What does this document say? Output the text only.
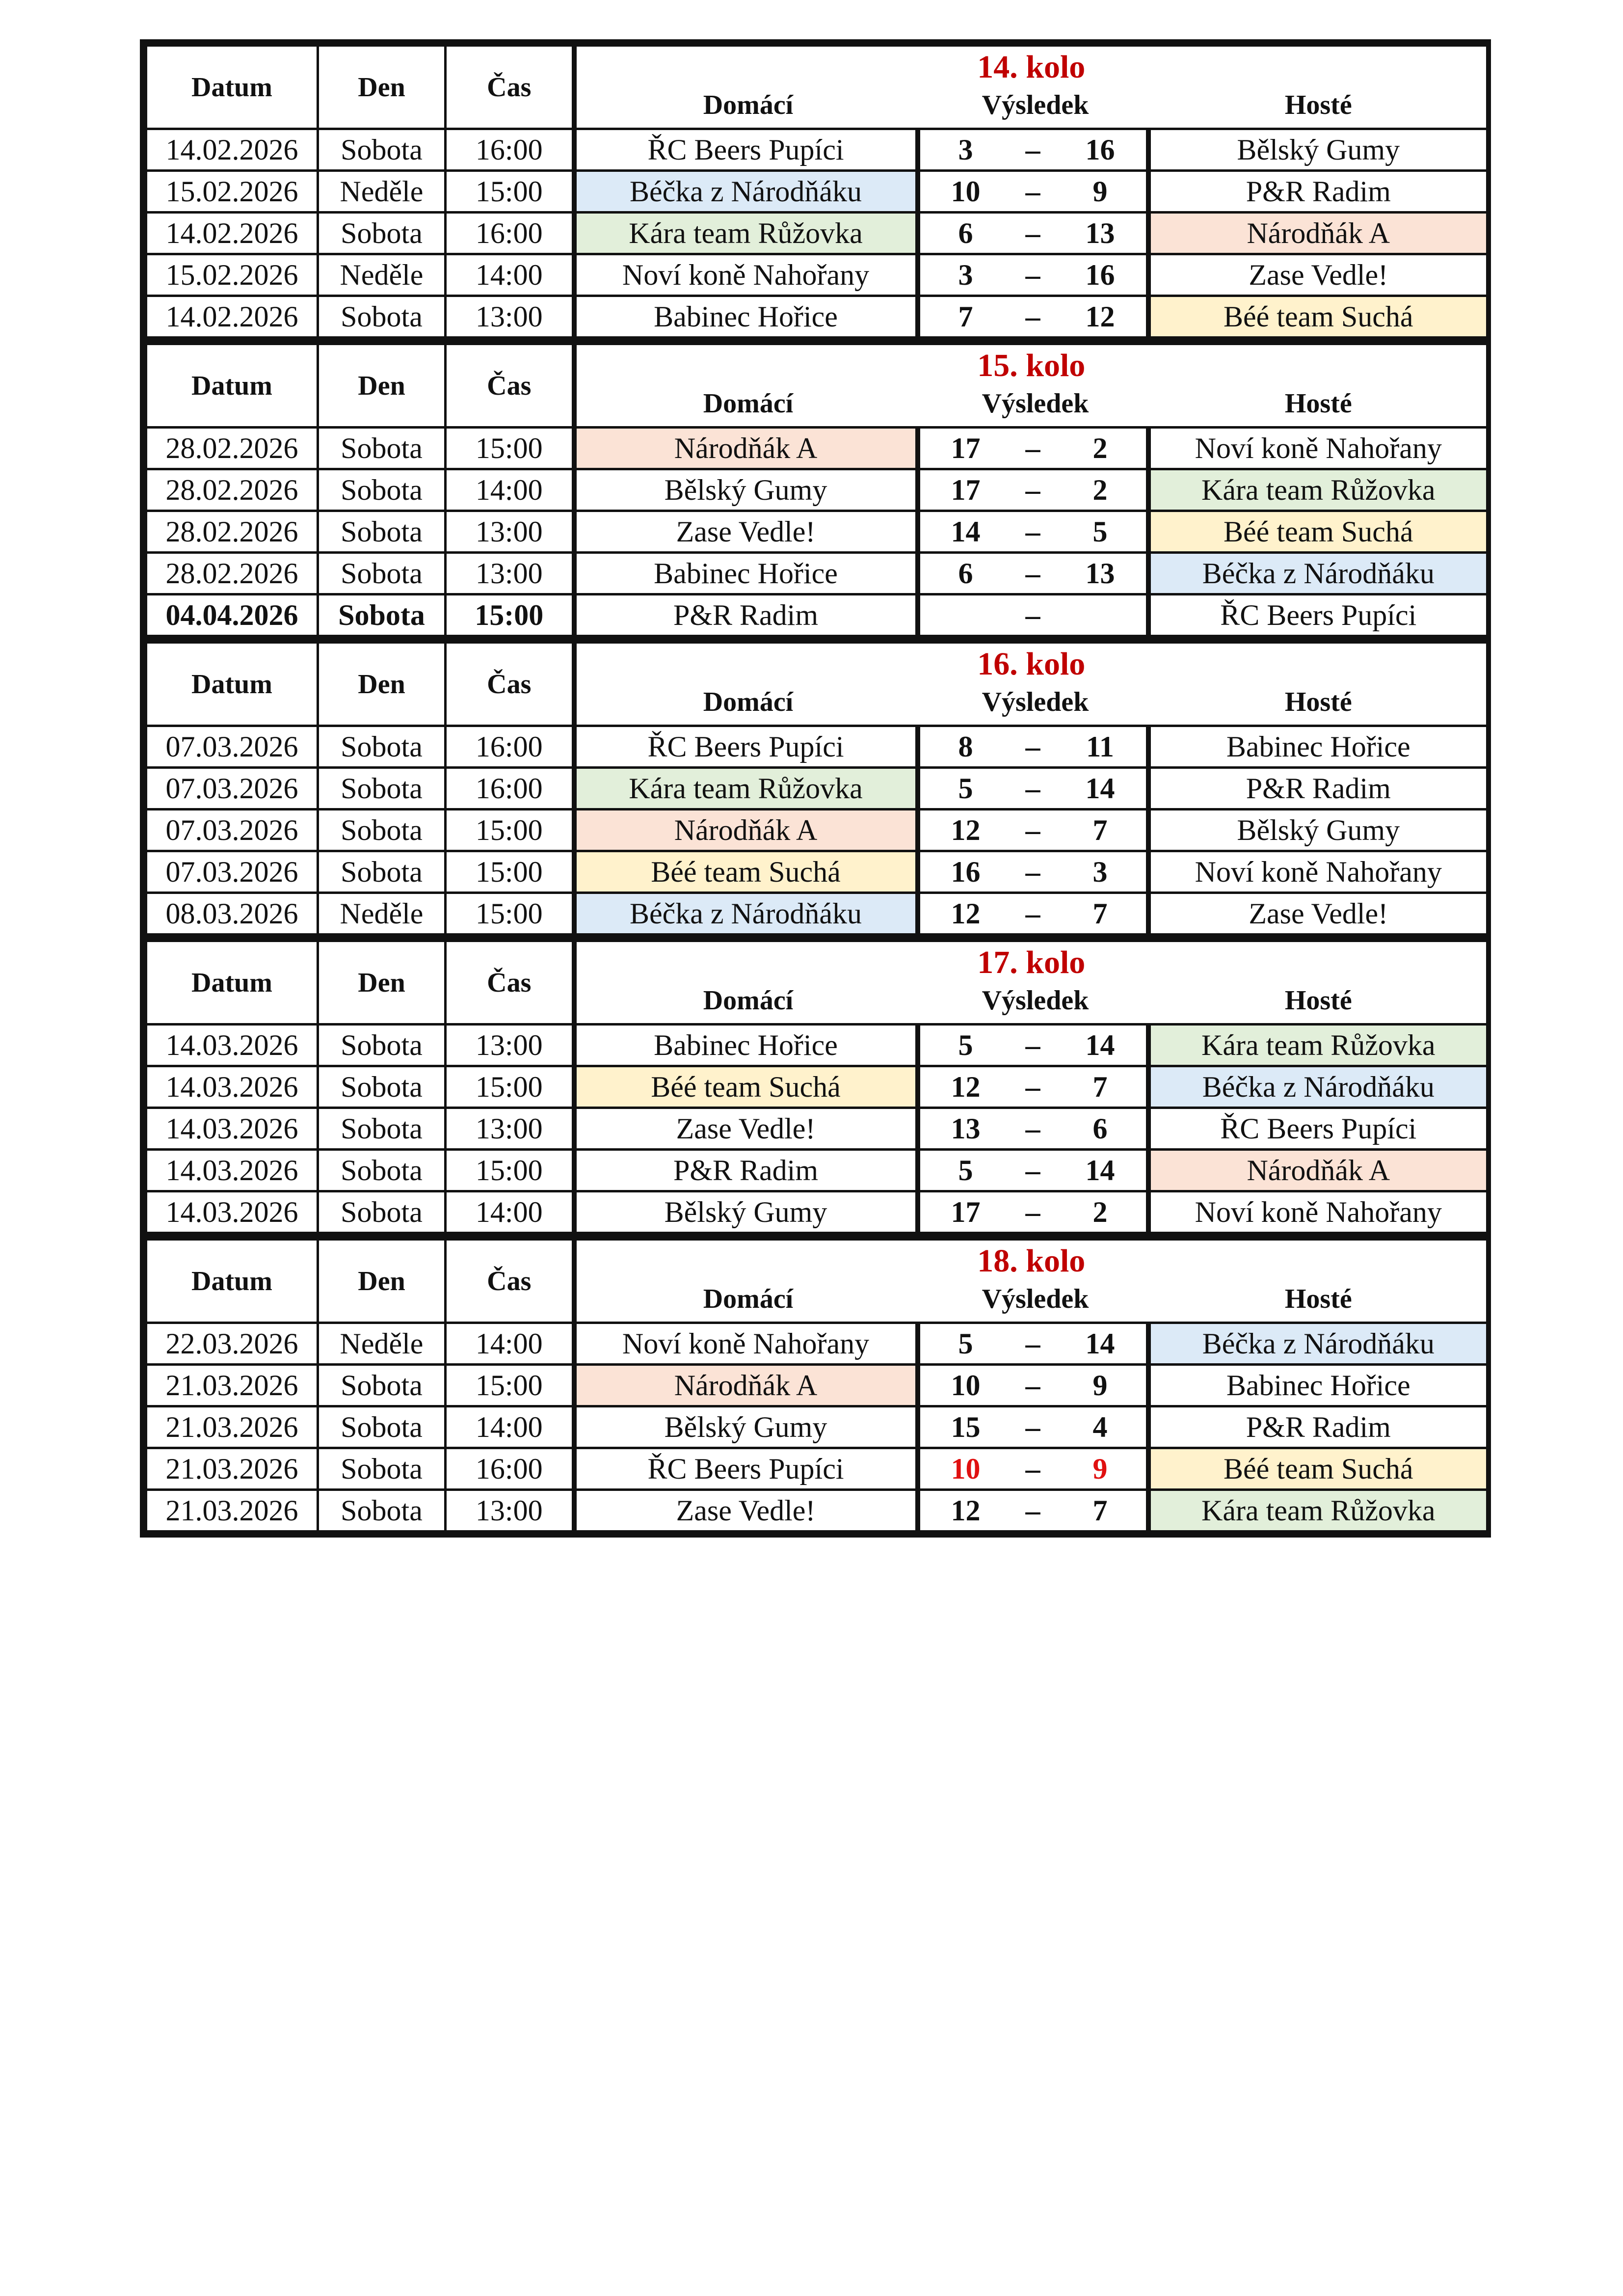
Datum	Den	Čas	14. kolo
Domácí Výsledek Hosté		

14.02.2026	Sobota	16:00	ŘC Beers Pupíci	3 – 16	Bělský Gumy
15.02.2026	Neděle	15:00	Béčka z Národňáku	10 – 9	P&R Radim
14.02.2026	Sobota	16:00	Kára team Růžovka	6 – 13	Národňák A
15.02.2026	Neděle	14:00	Noví koně Nahořany	3 – 16	Zase Vedle!
14.02.2026	Sobota	13:00	Babinec Hořice	7 – 12	Béé team Suchá
Datum	Den	Čas	15. kolo
Domácí Výsledek Hosté		

28.02.2026	Sobota	15:00	Národňák A	17 – 2	Noví koně Nahořany
28.02.2026	Sobota	14:00	Bělský Gumy	17 – 2	Kára team Růžovka
28.02.2026	Sobota	13:00	Zase Vedle!	14 – 5	Béé team Suchá
28.02.2026	Sobota	13:00	Babinec Hořice	6 – 13	Béčka z Národňáku
04.04.2026	Sobota	15:00	P&R Radim	–	ŘC Beers Pupíci
Datum	Den	Čas	16. kolo
Domácí Výsledek Hosté		

07.03.2026	Sobota	16:00	ŘC Beers Pupíci	8 – 11	Babinec Hořice
07.03.2026	Sobota	16:00	Kára team Růžovka	5 – 14	P&R Radim
07.03.2026	Sobota	15:00	Národňák A	12 – 7	Bělský Gumy
07.03.2026	Sobota	15:00	Béé team Suchá	16 – 3	Noví koně Nahořany
08.03.2026	Neděle	15:00	Béčka z Národňáku	12 – 7	Zase Vedle!
Datum	Den	Čas	17. kolo
Domácí Výsledek Hosté		

14.03.2026	Sobota	13:00	Babinec Hořice	5 – 14	Kára team Růžovka
14.03.2026	Sobota	15:00	Béé team Suchá	12 – 7	Béčka z Národňáku
14.03.2026	Sobota	13:00	Zase Vedle!	13 – 6	ŘC Beers Pupíci
14.03.2026	Sobota	15:00	P&R Radim	5 – 14	Národňák A
14.03.2026	Sobota	14:00	Bělský Gumy	17 – 2	Noví koně Nahořany
Datum	Den	Čas	18. kolo
Domácí Výsledek Hosté		

22.03.2026	Neděle	14:00	Noví koně Nahořany	5 – 14	Béčka z Národňáku
21.03.2026	Sobota	15:00	Národňák A	10 – 9	Babinec Hořice
21.03.2026	Sobota	14:00	Bělský Gumy	15 – 4	P&R Radim
21.03.2026	Sobota	16:00	ŘC Beers Pupíci	10 – 9	Béé team Suchá
21.03.2026	Sobota	13:00	Zase Vedle!	12 – 7	Kára team Růžovka
